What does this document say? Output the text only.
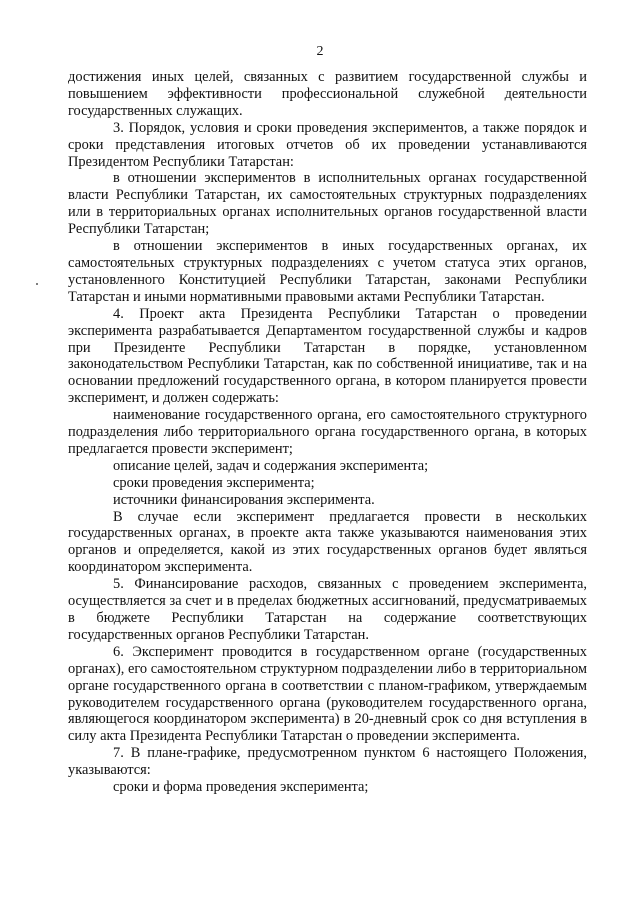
2

достижения иных целей, связанных с развитием государственной службы и повышением эффективности профессиональной служебной деятельности государственных служащих.

3. Порядок, условия и сроки проведения экспериментов, а также порядок и сроки представления итоговых отчетов об их проведении устанавливаются Президентом Республики Татарстан:

в отношении экспериментов в исполнительных органах государственной власти Республики Татарстан, их самостоятельных структурных подразделениях или в территориальных органах исполнительных органов государственной власти Республики Татарстан;

в отношении экспериментов в иных государственных органах, их самостоятельных структурных подразделениях с учетом статуса этих органов, установленного Конституцией Республики Татарстан, законами Республики Татарстан и иными нормативными правовыми актами Республики Татарстан.

4. Проект акта Президента Республики Татарстан о проведении эксперимента разрабатывается Департаментом государственной службы и кадров при Президенте Республики Татарстан в порядке, установленном законодательством Республики Татарстан, как по собственной инициативе, так и на основании предложений государственного органа, в котором планируется провести эксперимент, и должен содержать:

наименование государственного органа, его самостоятельного структурного подразделения либо территориального органа государственного органа, в которых предлагается провести эксперимент;

описание целей, задач и содержания эксперимента;

сроки проведения эксперимента;

источники финансирования эксперимента.

В случае если эксперимент предлагается провести в нескольких государственных органах, в проекте акта также указываются наименования этих органов и определяется, какой из этих государственных органов будет являться координатором эксперимента.

5. Финансирование расходов, связанных с проведением эксперимента, осуществляется за счет и в пределах бюджетных ассигнований, предусматриваемых в бюджете Республики Татарстан на содержание соответствующих государственных органов Республики Татарстан.

6. Эксперимент проводится в государственном органе (государственных органах), его самостоятельном структурном подразделении либо в территориальном органе государственного органа в соответствии с планом-графиком, утверждаемым руководителем государственного органа (руководителем государственного органа, являющегося координатором эксперимента) в 20-дневный срок со дня вступления в силу акта Президента Республики Татарстан о проведении эксперимента.

7. В плане-графике, предусмотренном пунктом 6 настоящего Положения, указываются:

сроки и форма проведения эксперимента;
